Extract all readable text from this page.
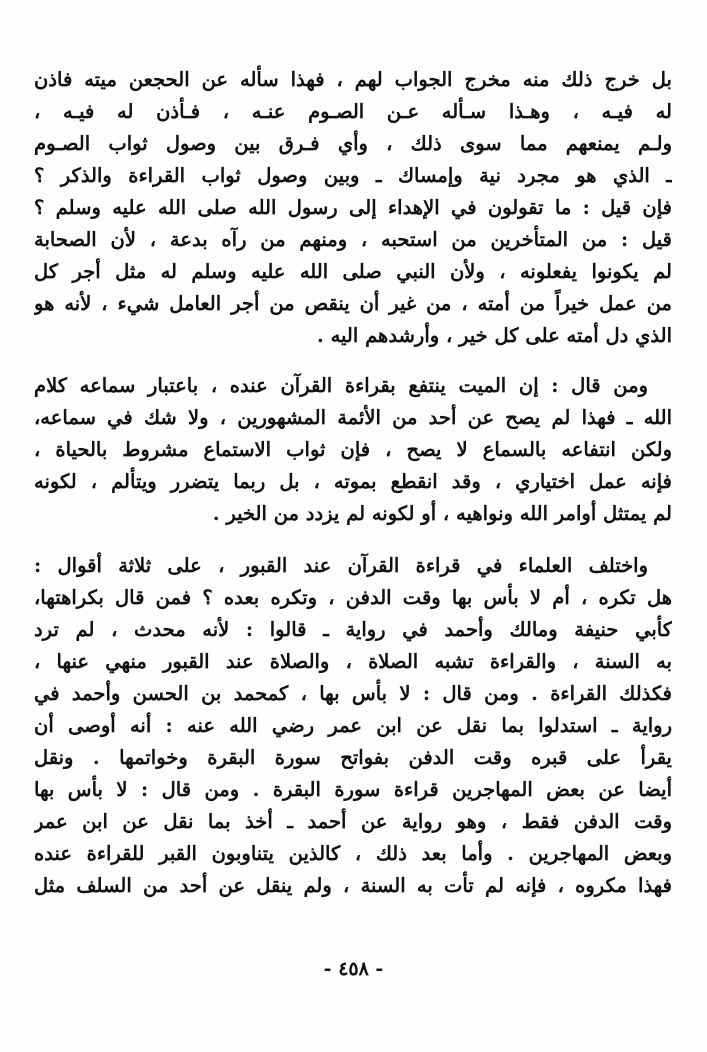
بل خرج ذلك منه مخرج الجواب لهم ، فهذا سأله عن الحجعن ميته فاذن
له فيـه ، وهـذا سـأله عـن الصـوم عنـه ، فـأذن له فيـه ،
ولـم يمنعهم مما سوى ذلك ، وأي فـرق بين وصول ثواب الصـوم
ـ الذي هو مجرد نية وإمساك ـ وبين وصول ثواب القراءة والذكر ؟
فإن قيل : ما تقولون في الإهداء إلى رسول الله صلى الله عليه وسلم ؟
قيل : من المتأخرين من استحبه ، ومنهم من رآه بدعة ، لأن الصحابة
لم يكونوا يفعلونه ، ولأن النبي صلى الله عليه وسلم له مثل أجر كل
من عمل خيراً من أمته ، من غير أن ينقص من أجر العامل شيء ، لأنه هو
الذي دل أمته على كل خير ، وأرشدهم اليه .
ومن قال : إن الميت ينتفع بقراءة القرآن عنده ، باعتبار سماعه كلام
الله ـ فهذا لم يصح عن أحد من الأئمة المشهورين ، ولا شك في سماعه،
ولكن انتفاعه بالسماع لا يصح ، فإن ثواب الاستماع مشروط بالحياة ،
فإنه عمل اختياري ، وقد انقطع بموته ، بل ربما يتضرر ويتألم ، لكونه
لم يمتثل أوامر الله ونواهيه ، أو لكونه لم يزدد من الخير .
واختلف العلماء في قراءة القرآن عند القبور ، على ثلاثة أقوال :
هل تكره ، أم لا بأس بها وقت الدفن ، وتكره بعده ؟ فمن قال بكراهتها،
كأبي حنيفة ومالك وأحمد في رواية ـ قالوا : لأنه محدث ، لم ترد
به السنة ، والقراءة تشبه الصلاة ، والصلاة عند القبور منهي عنها ،
فكذلك القراءة . ومن قال : لا بأس بها ، كمحمد بن الحسن وأحمد في
رواية ـ استدلوا بما نقل عن ابن عمر رضي الله عنه : أنه أوصى أن
يقرأ على قبره وقت الدفن بفواتح سورة البقرة وخواتمها . ونقل
أيضا عن بعض المهاجرين قراءة سورة البقرة . ومن قال : لا بأس بها
وقت الدفن فقط ، وهو رواية عن أحمد ـ أخذ بما نقل عن ابن عمر
وبعض المهاجرين . وأما بعد ذلك ، كالذين يتناوبون القبر للقراءة عنده
فهذا مكروه ، فإنه لم تأت به السنة ، ولم ينقل عن أحد من السلف مثل
- ٤٥٨ -
